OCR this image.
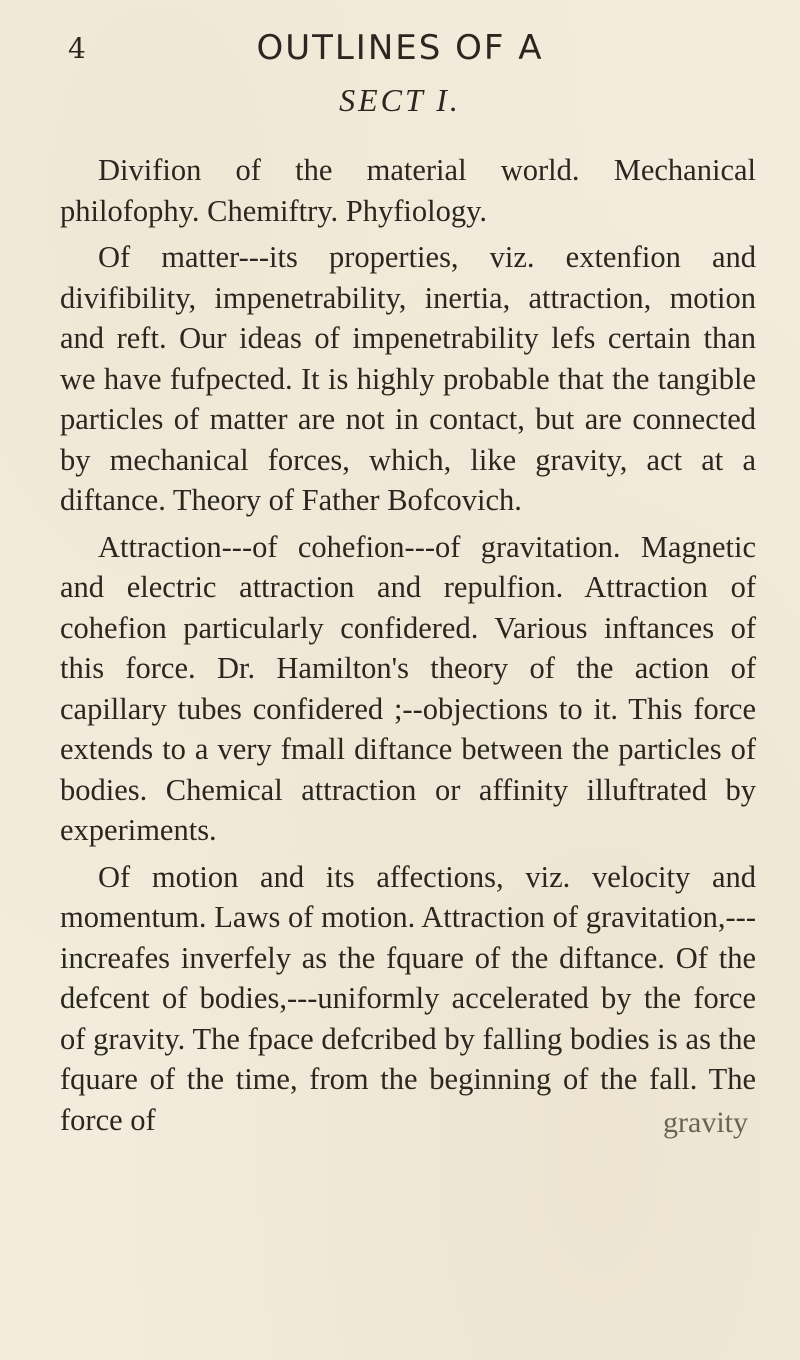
4	OUTLINES OF A
SECT I.

Divifion of the material world. Mechanical philofophy. Chemiftry. Phyfiology.

Of matter---its properties, viz. extenfion and divifibility, impenetrability, inertia, attraction, motion and reft. Our ideas of impenetrability lefs certain than we have fufpected. It is highly probable that the tangible particles of matter are not in contact, but are connected by mechanical forces, which, like gravity, act at a diftance. Theory of Father Bofcovich.

Attraction---of cohefion---of gravitation. Magnetic and electric attraction and repulfion. Attraction of cohefion particularly confidered. Various inftances of this force. Dr. Hamilton's theory of the action of capillary tubes confidered ;--objections to it. This force extends to a very fmall diftance between the particles of bodies. Chemical attraction or affinity illuftrated by experiments.

Of motion and its affections, viz. velocity and momentum. Laws of motion. Attraction of gravitation,---increafes inverfely as the fquare of the diftance. Of the defcent of bodies,---uniformly accelerated by the force of gravity. The fpace defcribed by falling bodies is as the fquare of the time, from the beginning of the fall. The force of	gravity
